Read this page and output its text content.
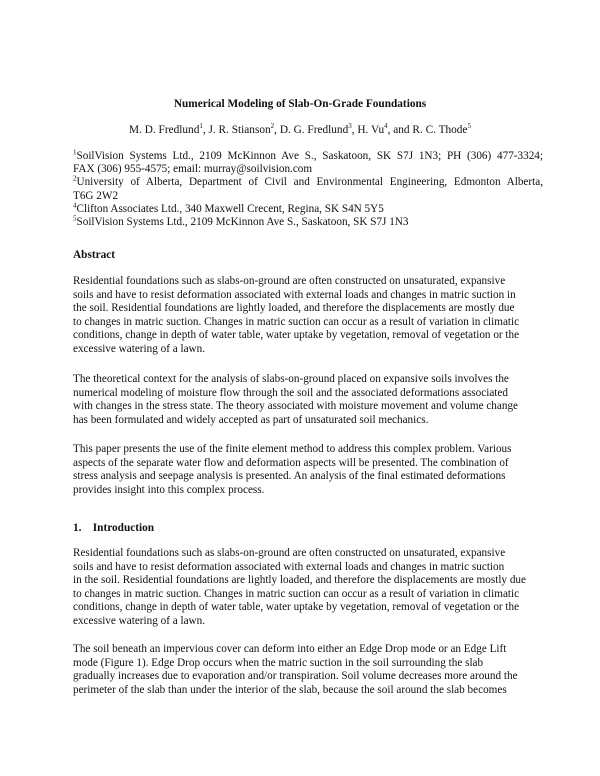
Numerical Modeling of Slab-On-Grade Foundations
M. D. Fredlund$^1$, J. R. Stianson$^2$, D. G. Fredlund$^3$, H. Vu$^4$, and R. C. Thode$^5$
$^1$SoilVision Systems Ltd., 2109 McKinnon Ave S., Saskatoon, SK S7J 1N3; PH (306) 477-3324;
FAX (306) 955-4575; email: murray@soilvision.com
$^2$University of Alberta, Department of Civil and Environmental Engineering, Edmonton Alberta,
T6G 2W2
$^4$Clifton Associates Ltd., 340 Maxwell Crecent, Regina, SK S4N 5Y5
$^5$SoilVision Systems Ltd., 2109 McKinnon Ave S., Saskatoon, SK S7J 1N3
Abstract
Residential foundations such as slabs-on-ground are often constructed on unsaturated, expansive
soils and have to resist deformation associated with external loads and changes in matric suction in
the soil. Residential foundations are lightly loaded, and therefore the displacements are mostly due
to changes in matric suction. Changes in matric suction can occur as a result of variation in climatic
conditions, change in depth of water table, water uptake by vegetation, removal of vegetation or the
excessive watering of a lawn.
The theoretical context for the analysis of slabs-on-ground placed on expansive soils involves the
numerical modeling of moisture flow through the soil and the associated deformations associated
with changes in the stress state. The theory associated with moisture movement and volume change
has been formulated and widely accepted as part of unsaturated soil mechanics.
This paper presents the use of the finite element method to address this complex problem. Various
aspects of the separate water flow and deformation aspects will be presented. The combination of
stress analysis and seepage analysis is presented. An analysis of the final estimated deformations
provides insight into this complex process.
1. Introduction
Residential foundations such as slabs-on-ground are often constructed on unsaturated, expansive
soils and have to resist deformation associated with external loads and changes in matric suction
in the soil. Residential foundations are lightly loaded, and therefore the displacements are mostly due
to changes in matric suction. Changes in matric suction can occur as a result of variation in climatic
conditions, change in depth of water table, water uptake by vegetation, removal of vegetation or the
excessive watering of a lawn.
The soil beneath an impervious cover can deform into either an Edge Drop mode or an Edge Lift
mode (Figure 1). Edge Drop occurs when the matric suction in the soil surrounding the slab
gradually increases due to evaporation and/or transpiration. Soil volume decreases more around the
perimeter of the slab than under the interior of the slab, because the soil around the slab becomes
